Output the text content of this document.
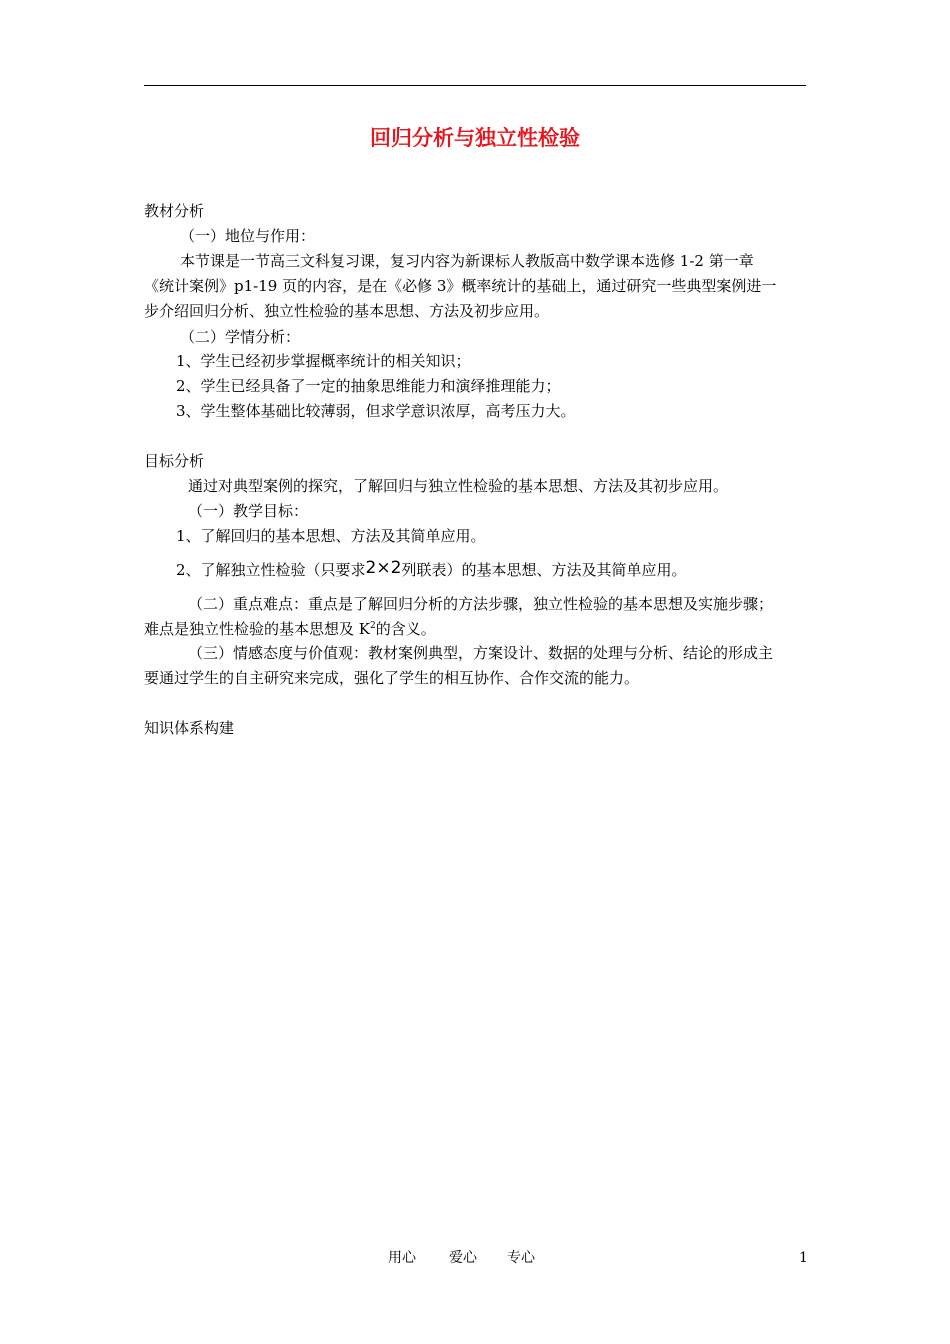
回归分析与独立性检验
教材分析
（一）地位与作用：
本节课是一节高三文科复习课，复习内容为新课标人教版高中数学课本选修 1-2 第一章
《统计案例》p1-19 页的内容，是在《必修 3》概率统计的基础上，通过研究一些典型案例进一
步介绍回归分析、独立性检验的基本思想、方法及初步应用。
（二）学情分析：
1、学生已经初步掌握概率统计的相关知识；
2、学生已经具备了一定的抽象思维能力和演绎推理能力；
3、学生整体基础比较薄弱，但求学意识浓厚，高考压力大。
目标分析
通过对典型案例的探究，了解回归与独立性检验的基本思想、方法及其初步应用。
（一）教学目标：
1、了解回归的基本思想、方法及其简单应用。
2、了解独立性检验（只要求2×2列联表）的基本思想、方法及其简单应用。
（二）重点难点：重点是了解回归分析的方法步骤，独立性检验的基本思想及实施步骤；
难点是独立性检验的基本思想及 $K^2$的含义。
（三）情感态度与价值观：教材案例典型，方案设计、数据的处理与分析、结论的形成主
要通过学生的自主研究来完成，强化了学生的相互协作、合作交流的能力。
知识体系构建
用心 爱心 专心	1
